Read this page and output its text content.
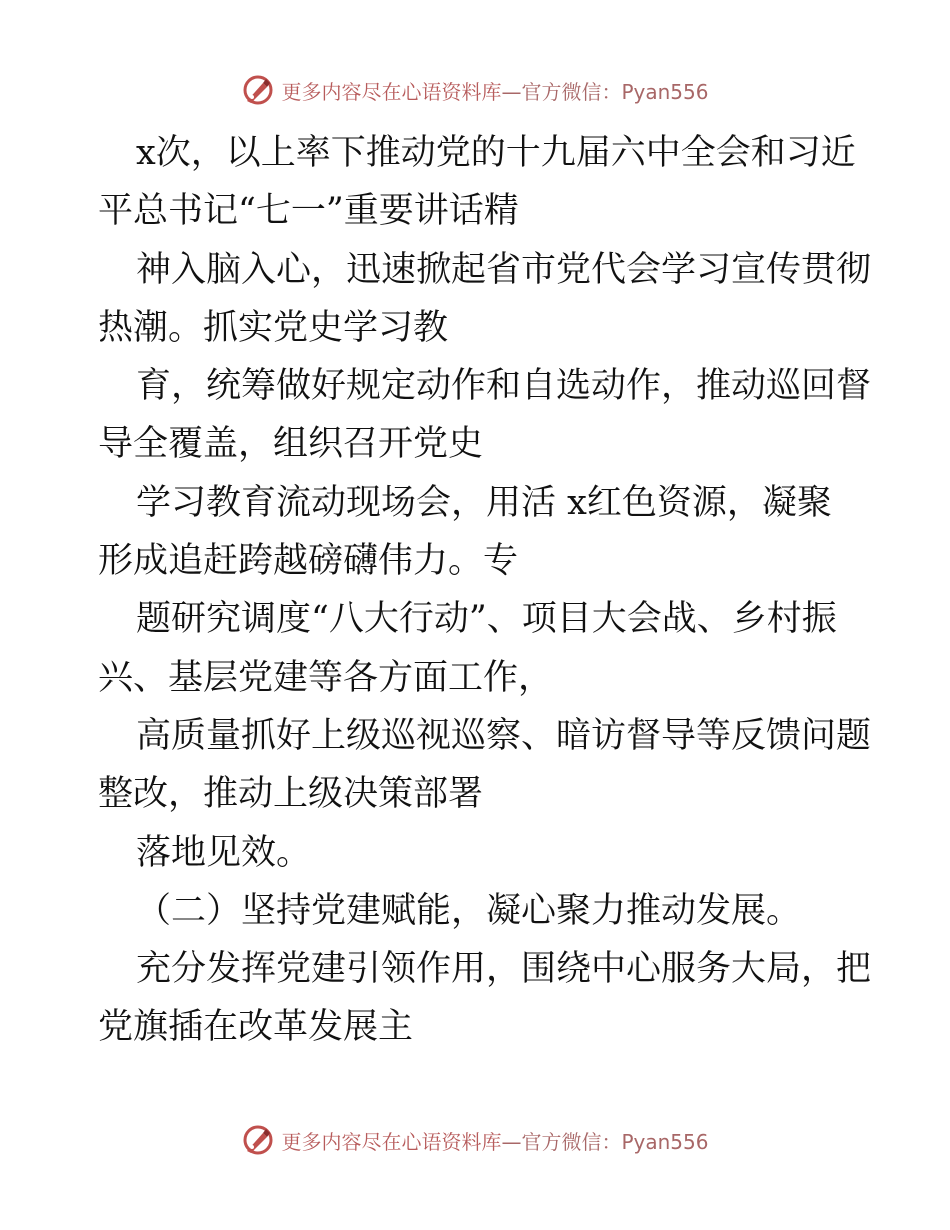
更多内容尽在心语资料库—官方微信：Pyan556
x次，以上率下推动党的十九届六中全会和习近
平总书记“七一”重要讲话精
神入脑入心，迅速掀起省市党代会学习宣传贯彻
热潮。抓实党史学习教
育，统筹做好规定动作和自选动作，推动巡回督
导全覆盖，组织召开党史
学习教育流动现场会，用活 x红色资源，凝聚
形成追赶跨越磅礴伟力。专
题研究调度“八大行动”、项目大会战、乡村振
兴、基层党建等各方面工作，
高质量抓好上级巡视巡察、暗访督导等反馈问题
整改，推动上级决策部署
落地见效。
（二）坚持党建赋能，凝心聚力推动发展。
充分发挥党建引领作用，围绕中心服务大局，把
党旗插在改革发展主
更多内容尽在心语资料库—官方微信：Pyan556
